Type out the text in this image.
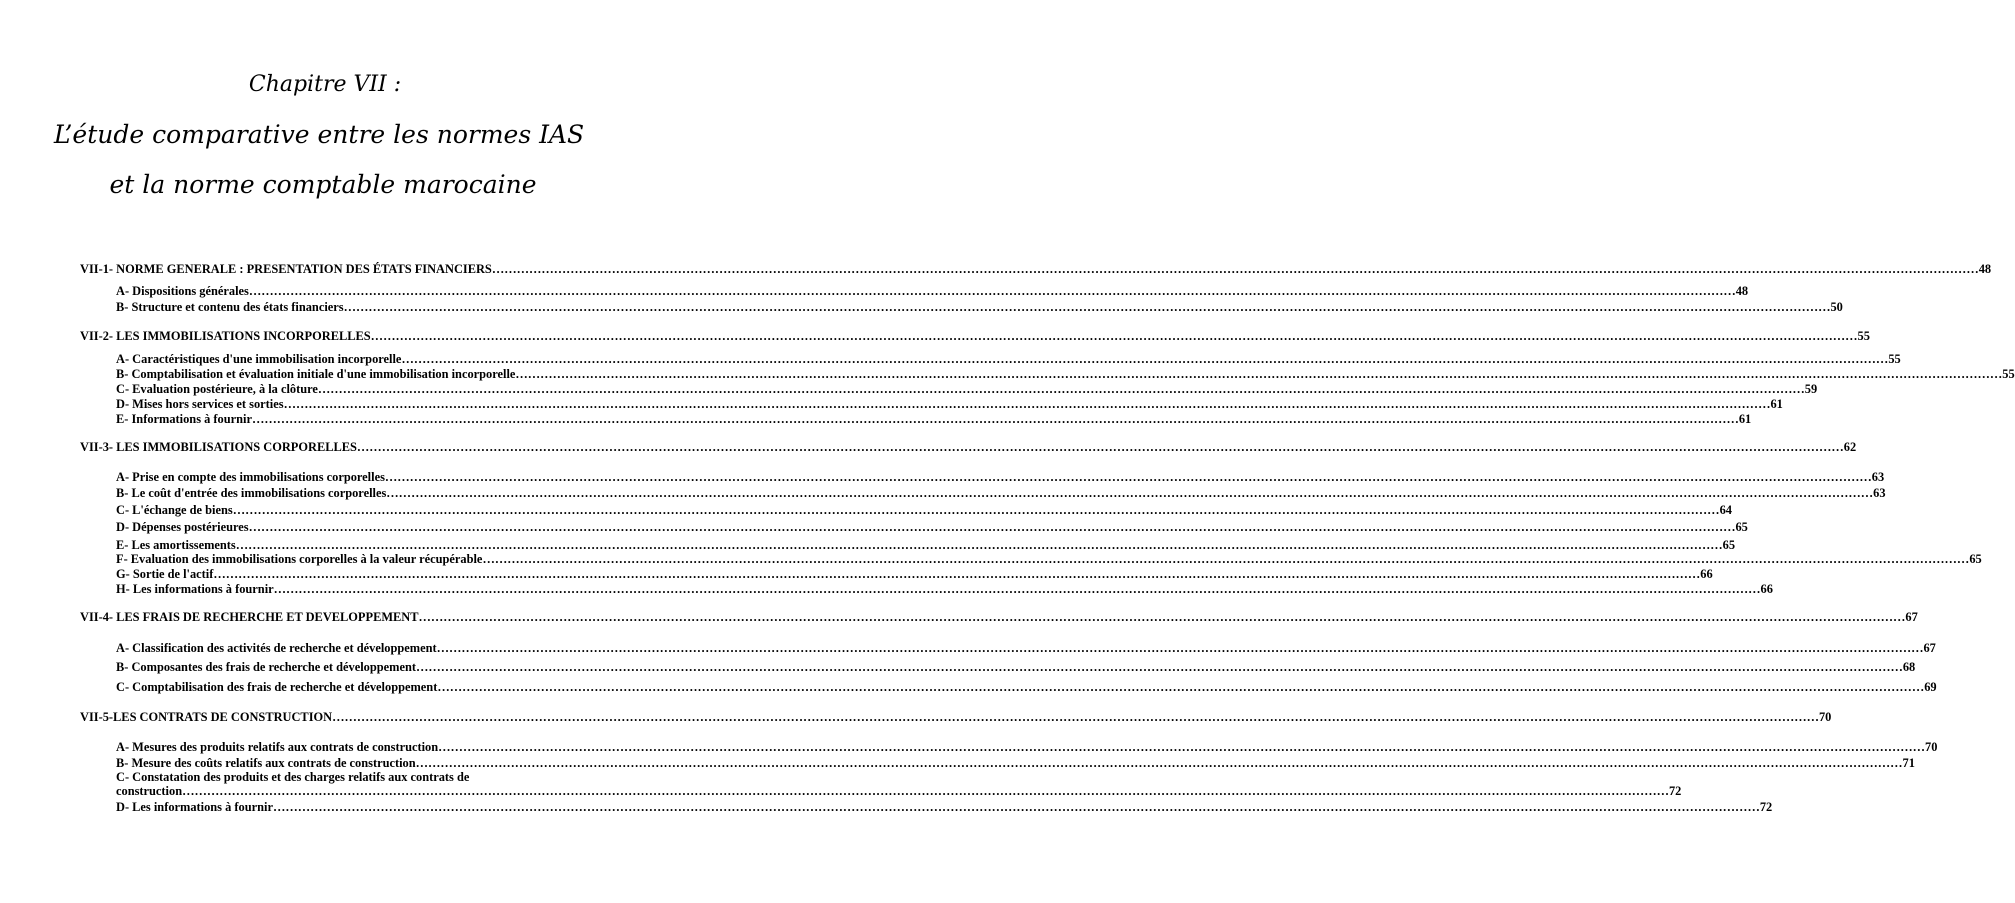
Chapitre VII :
L’étude comparative entre les normes IAS
et la norme comptable marocaine
VII-1- NORME GENERALE : PRESENTATION DES ÉTATS FINANCIERS ……………………………………………………………………………………………………………………………………………………………………………………………………………………………………………………………………………………………………………………………… 48
A- Dispositions générales ……………………………………………………………………………………………………………………………………………………………………………………………………………………………………………………………………………………………………………………………… 48
B- Structure et contenu des états financiers ……………………………………………………………………………………………………………………………………………………………………………………………………………………………………………………………………………………………………………………………… 50
VII-2- LES IMMOBILISATIONS INCORPORELLES ……………………………………………………………………………………………………………………………………………………………………………………………………………………………………………………………………………………………………………………………… 55
A- Caractéristiques d'une immobilisation incorporelle ……………………………………………………………………………………………………………………………………………………………………………………………………………………………………………………………………………………………………………………………… 55
B- Comptabilisation et évaluation initiale d'une immobilisation incorporelle ……………………………………………………………………………………………………………………………………………………………………………………………………………………………………………………………………………………………………………………………… 55
C- Evaluation postérieure, à la clôture ……………………………………………………………………………………………………………………………………………………………………………………………………………………………………………………………………………………………………………………………… 59
D- Mises hors services et sorties ……………………………………………………………………………………………………………………………………………………………………………………………………………………………………………………………………………………………………………………………… 61
E- Informations à fournir ……………………………………………………………………………………………………………………………………………………………………………………………………………………………………………………………………………………………………………………………… 61
VII-3- LES IMMOBILISATIONS CORPORELLES ……………………………………………………………………………………………………………………………………………………………………………………………………………………………………………………………………………………………………………………………… 62
A- Prise en compte des immobilisations corporelles ……………………………………………………………………………………………………………………………………………………………………………………………………………………………………………………………………………………………………………………………… 63
B- Le coût d'entrée des immobilisations corporelles ……………………………………………………………………………………………………………………………………………………………………………………………………………………………………………………………………………………………………………………………… 63
C- L'échange de biens ……………………………………………………………………………………………………………………………………………………………………………………………………………………………………………………………………………………………………………………………… 64
D- Dépenses postérieures ……………………………………………………………………………………………………………………………………………………………………………………………………………………………………………………………………………………………………………………………… 65
E- Les amortissements ……………………………………………………………………………………………………………………………………………………………………………………………………………………………………………………………………………………………………………………………… 65
F- Evaluation des immobilisations corporelles à la valeur récupérable ……………………………………………………………………………………………………………………………………………………………………………………………………………………………………………………………………………………………………………………………… 65
G- Sortie de l'actif ……………………………………………………………………………………………………………………………………………………………………………………………………………………………………………………………………………………………………………………………… 66
H- Les informations à fournir ……………………………………………………………………………………………………………………………………………………………………………………………………………………………………………………………………………………………………………………………… 66
VII-4- LES FRAIS DE RECHERCHE ET DEVELOPPEMENT ……………………………………………………………………………………………………………………………………………………………………………………………………………………………………………………………………………………………………………………………… 67
A- Classification des activités de recherche et développement ……………………………………………………………………………………………………………………………………………………………………………………………………………………………………………………………………………………………………………………………… 67
B- Composantes des frais de recherche et développement ……………………………………………………………………………………………………………………………………………………………………………………………………………………………………………………………………………………………………………………………… 68
C- Comptabilisation des frais de recherche et développement ……………………………………………………………………………………………………………………………………………………………………………………………………………………………………………………………………………………………………………………………… 69
VII-5-LES CONTRATS DE CONSTRUCTION ……………………………………………………………………………………………………………………………………………………………………………………………………………………………………………………………………………………………………………………………… 70
A- Mesures des produits relatifs aux contrats de construction ……………………………………………………………………………………………………………………………………………………………………………………………………………………………………………………………………………………………………………………………… 70
B- Mesure des coûts relatifs aux contrats de construction ……………………………………………………………………………………………………………………………………………………………………………………………………………………………………………………………………………………………………………………………… 71
C- Constatation des produits et des charges relatifs aux contrats de
construction ……………………………………………………………………………………………………………………………………………………………………………………………………………………………………………………………………………………………………………………………… 72
D- Les informations à fournir ……………………………………………………………………………………………………………………………………………………………………………………………………………………………………………………………………………………………………………………………… 72
